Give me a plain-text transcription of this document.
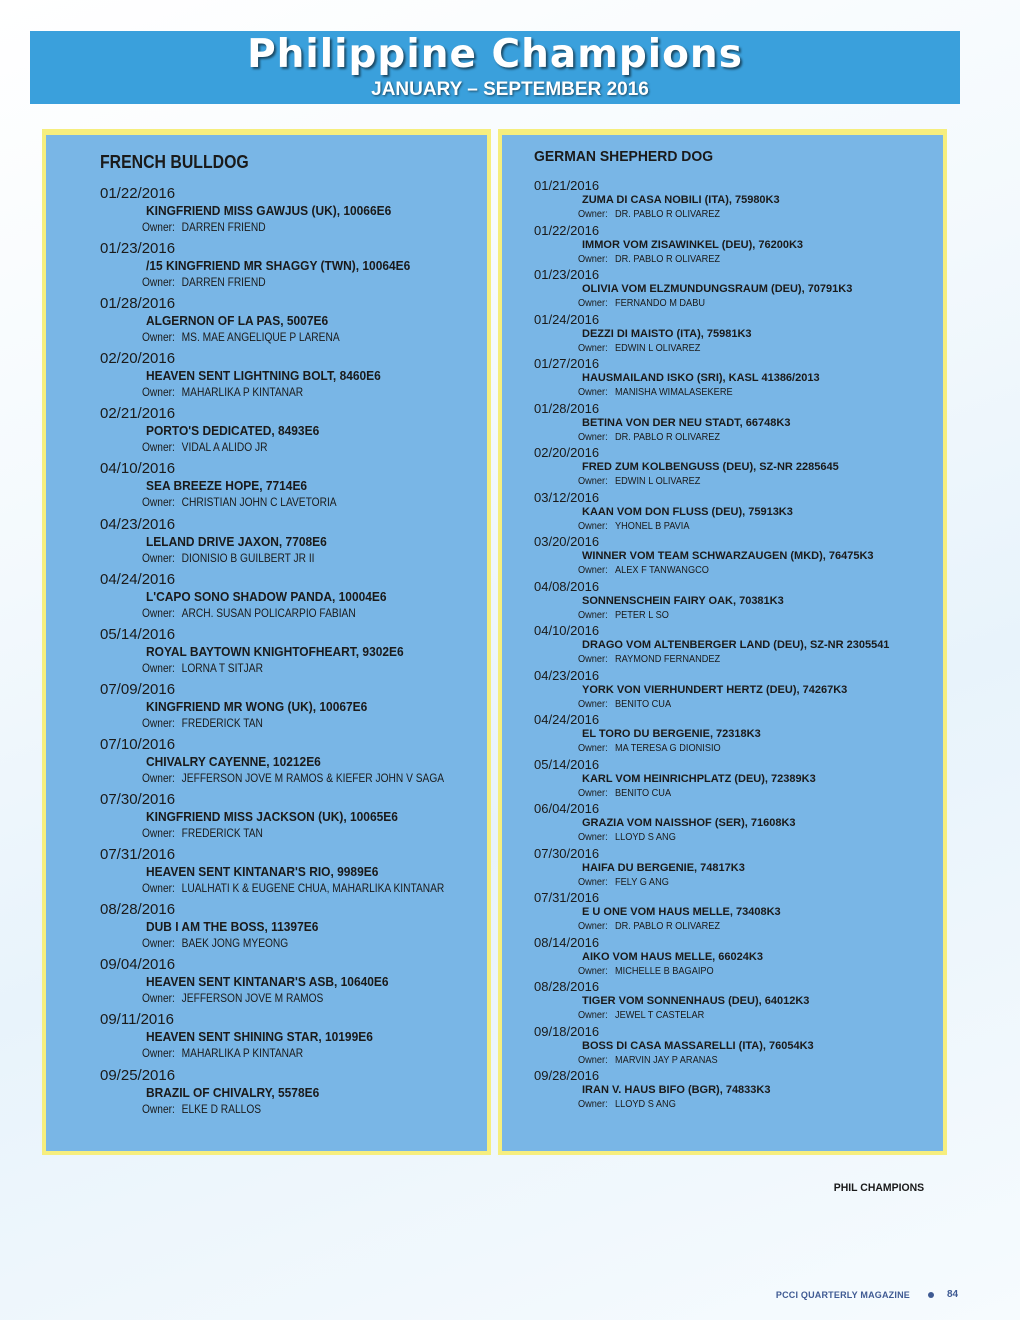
Philippine Champions
JANUARY – SEPTEMBER 2016
FRENCH BULLDOG
01/22/2016
KINGFRIEND MISS GAWJUS (UK), 10066E6
Owner: DARREN FRIEND
01/23/2016
/15 KINGFRIEND MR SHAGGY (TWN), 10064E6
Owner: DARREN FRIEND
01/28/2016
ALGERNON OF LA PAS, 5007E6
Owner: MS. MAE ANGELIQUE P LARENA
02/20/2016
HEAVEN SENT LIGHTNING BOLT, 8460E6
Owner: MAHARLIKA P KINTANAR
02/21/2016
PORTO'S DEDICATED, 8493E6
Owner: VIDAL A ALIDO JR
04/10/2016
SEA BREEZE HOPE, 7714E6
Owner: CHRISTIAN JOHN C LAVETORIA
04/23/2016
LELAND DRIVE JAXON, 7708E6
Owner: DIONISIO B GUILBERT JR II
04/24/2016
L'CAPO SONO SHADOW PANDA, 10004E6
Owner: ARCH. SUSAN POLICARPIO FABIAN
05/14/2016
ROYAL BAYTOWN KNIGHTOFHEART, 9302E6
Owner: LORNA T SITJAR
07/09/2016
KINGFRIEND MR WONG (UK), 10067E6
Owner: FREDERICK TAN
07/10/2016
CHIVALRY CAYENNE, 10212E6
Owner: JEFFERSON JOVE M RAMOS & KIEFER JOHN V SAGA
07/30/2016
KINGFRIEND MISS JACKSON (UK), 10065E6
Owner: FREDERICK TAN
07/31/2016
HEAVEN SENT KINTANAR'S RIO, 9989E6
Owner: LUALHATI K & EUGENE CHUA, MAHARLIKA KINTANAR
08/28/2016
DUB I AM THE BOSS, 11397E6
Owner: BAEK JONG MYEONG
09/04/2016
HEAVEN SENT KINTANAR'S ASB, 10640E6
Owner: JEFFERSON JOVE M RAMOS
09/11/2016
HEAVEN SENT SHINING STAR, 10199E6
Owner: MAHARLIKA P KINTANAR
09/25/2016
BRAZIL OF CHIVALRY, 5578E6
Owner: ELKE D RALLOS
GERMAN SHEPHERD DOG
01/21/2016
ZUMA DI CASA NOBILI (ITA), 75980K3
Owner: DR. PABLO R OLIVAREZ
01/22/2016
IMMOR VOM ZISAWINKEL (DEU), 76200K3
Owner: DR. PABLO R OLIVAREZ
01/23/2016
OLIVIA VOM ELZMUNDUNGSRAUM (DEU), 70791K3
Owner: FERNANDO M DABU
01/24/2016
DEZZI DI MAISTO (ITA), 75981K3
Owner: EDWIN L OLIVAREZ
01/27/2016
HAUSMAILAND ISKO (SRI), KASL 41386/2013
Owner: MANISHA WIMALASEKERE
01/28/2016
BETINA VON DER NEU STADT, 66748K3
Owner: DR. PABLO R OLIVAREZ
02/20/2016
FRED ZUM KOLBENGUSS (DEU), SZ-NR 2285645
Owner: EDWIN L OLIVAREZ
03/12/2016
KAAN VOM DON FLUSS (DEU), 75913K3
Owner: YHONEL B PAVIA
03/20/2016
WINNER VOM TEAM SCHWARZAUGEN (MKD), 76475K3
Owner: ALEX F TANWANGCO
04/08/2016
SONNENSCHEIN FAIRY OAK, 70381K3
Owner: PETER L SO
04/10/2016
DRAGO VOM ALTENBERGER LAND (DEU), SZ-NR 2305541
Owner: RAYMOND FERNANDEZ
04/23/2016
YORK VON VIERHUNDERT HERTZ (DEU), 74267K3
Owner: BENITO CUA
04/24/2016
EL TORO DU BERGENIE, 72318K3
Owner: MA TERESA G DIONISIO
05/14/2016
KARL VOM HEINRICHPLATZ (DEU), 72389K3
Owner: BENITO CUA
06/04/2016
GRAZIA VOM NAISSHOF (SER), 71608K3
Owner: LLOYD S ANG
07/30/2016
HAIFA DU BERGENIE, 74817K3
Owner: FELY G ANG
07/31/2016
E U ONE VOM HAUS MELLE, 73408K3
Owner: DR. PABLO R OLIVAREZ
08/14/2016
AIKO VOM HAUS MELLE, 66024K3
Owner: MICHELLE B BAGAIPO
08/28/2016
TIGER VOM SONNENHAUS (DEU), 64012K3
Owner: JEWEL T CASTELAR
09/18/2016
BOSS DI CASA MASSARELLI (ITA), 76054K3
Owner: MARVIN JAY P ARANAS
09/28/2016
IRAN V. HAUS BIFO (BGR), 74833K3
Owner: LLOYD S ANG
PHIL CHAMPIONS
PCCI QUARTERLY MAGAZINE	84
